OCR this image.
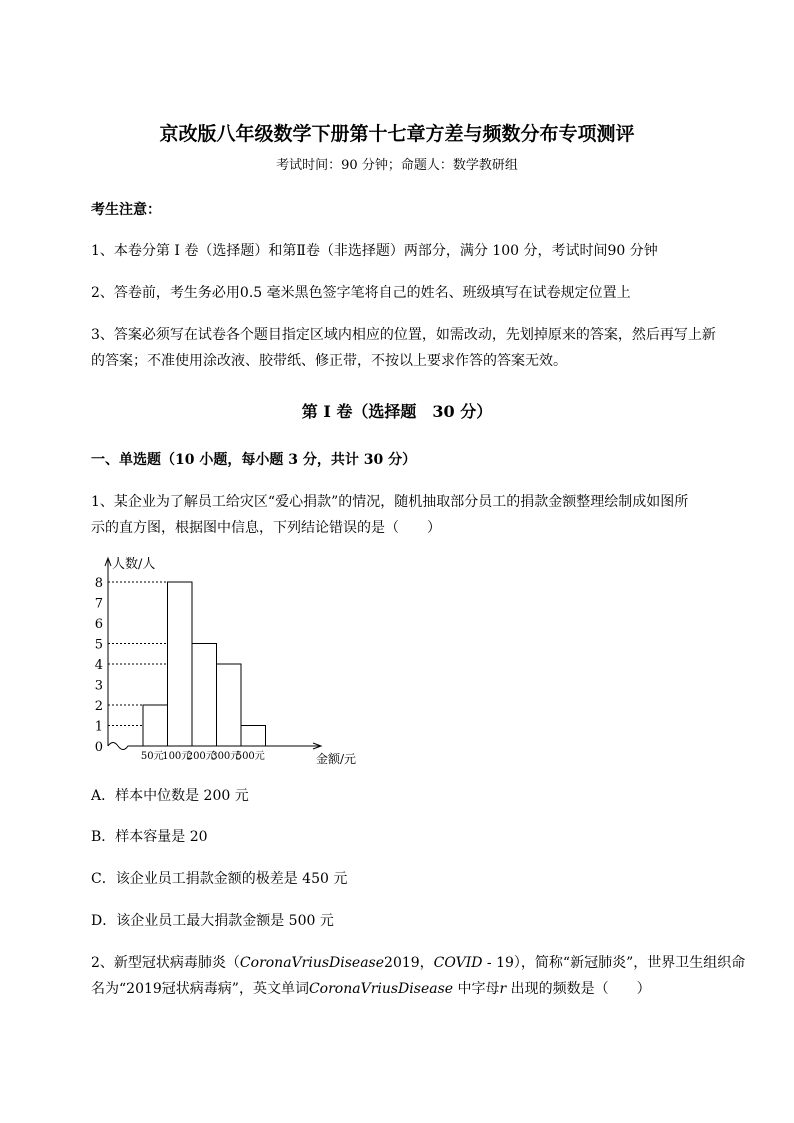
京改版八年级数学下册第十七章方差与频数分布专项测评
考试时间：90 分钟；命题人：数学教研组
考生注意：
1、本卷分第 I 卷（选择题）和第Ⅱ卷（非选择题）两部分，满分 100 分，考试时间90 分钟
2、答卷前，考生务必用0.5 毫米黑色签字笔将自己的姓名、班级填写在试卷规定位置上
3、答案必须写在试卷各个题目指定区域内相应的位置，如需改动，先划掉原来的答案，然后再写上新
的答案；不准使用涂改液、胶带纸、修正带，不按以上要求作答的答案无效。
第 I 卷（选择题　30 分）
一、单选题（10 小题，每小题 3 分，共计 30 分）
1、某企业为了解员工给灾区“爱心捐款”的情况，随机抽取部分员工的捐款金额整理绘制成如图所
示的直方图，根据图中信息，下列结论错误的是（　　）
0
1
2
3
4
5
6
7
8
人数/人
金额/元
50元
100元
200元
300元
500元
A．样本中位数是 200 元
B．样本容量是 20
C．该企业员工捐款金额的极差是 450 元
D．该企业员工最大捐款金额是 500 元
2、新型冠状病毒肺炎（CoronaVriusDisease2019，COVID - 19），简称“新冠肺炎”，世界卫生组织命
名为“2019冠状病毒病”，英文单词CoronaVriusDisease 中字母r 出现的频数是（　　）
